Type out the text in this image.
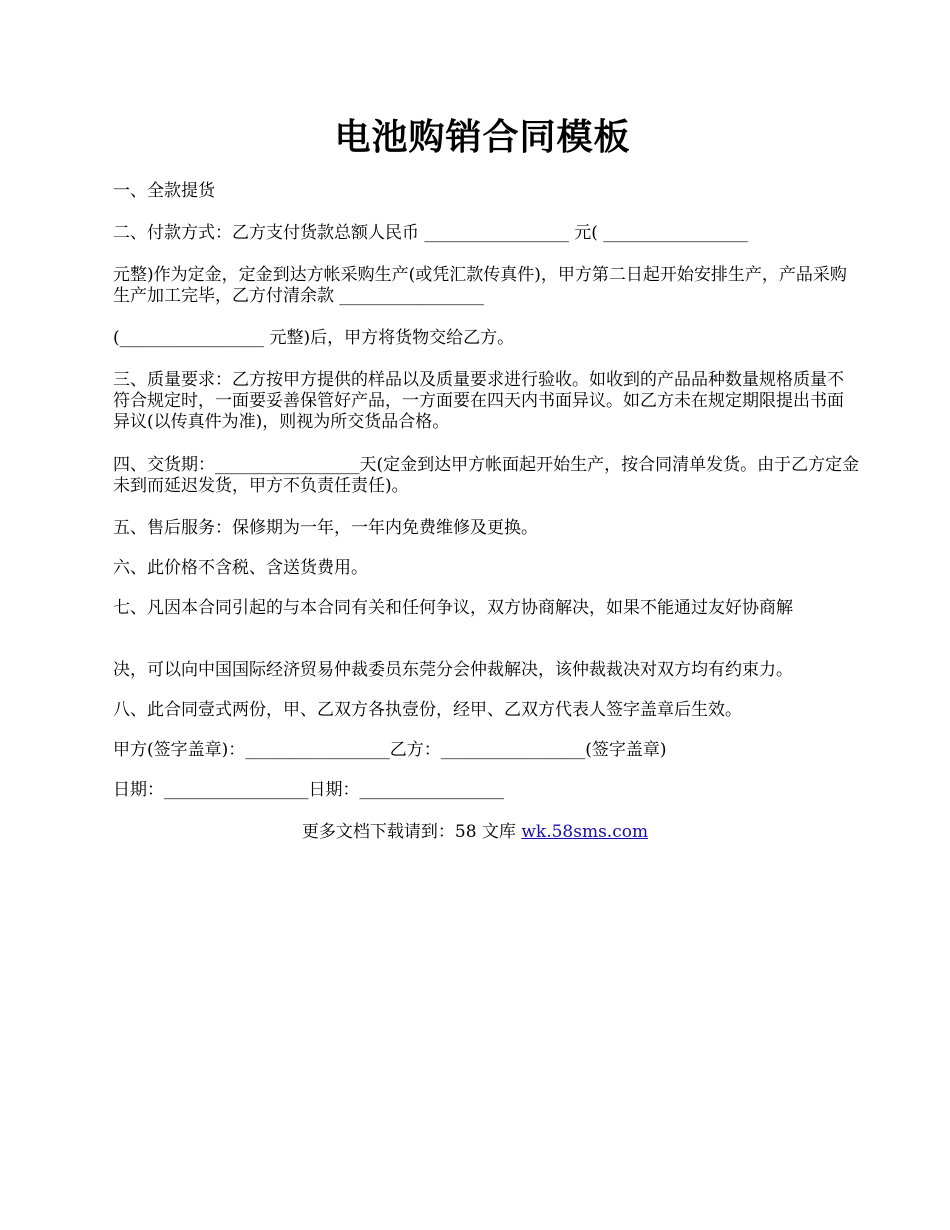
电池购销合同模板

一、全款提货

二、付款方式：乙方支付货款总额人民币 _________________ 元( _________________

元整)作为定金，定金到达方帐采购生产(或凭汇款传真件)，甲方第二日起开始安排生产，产品采购生产加工完毕，乙方付清余款 _________________

(_________________ 元整)后，甲方将货物交给乙方。

三、质量要求：乙方按甲方提供的样品以及质量要求进行验收。如收到的产品品种数量规格质量不符合规定时，一面要妥善保管好产品，一方面要在四天内书面异议。如乙方未在规定期限提出书面异议(以传真件为准)，则视为所交货品合格。

四、交货期：_________________天(定金到达甲方帐面起开始生产，按合同清单发货。由于乙方定金未到而延迟发货，甲方不负责任责任)。

五、售后服务：保修期为一年，一年内免费维修及更换。

六、此价格不含税、含送货费用。

七、凡因本合同引起的与本合同有关和任何争议，双方协商解决，如果不能通过友好协商解

决，可以向中国国际经济贸易仲裁委员东莞分会仲裁解决，该仲裁裁决对双方均有约束力。

八、此合同壹式两份，甲、乙双方各执壹份，经甲、乙双方代表人签字盖章后生效。

甲方(签字盖章)：_________________乙方：_________________(签字盖章)

日期：_________________日期：_________________

更多文档下载请到：58 文库 wk.58sms.com
